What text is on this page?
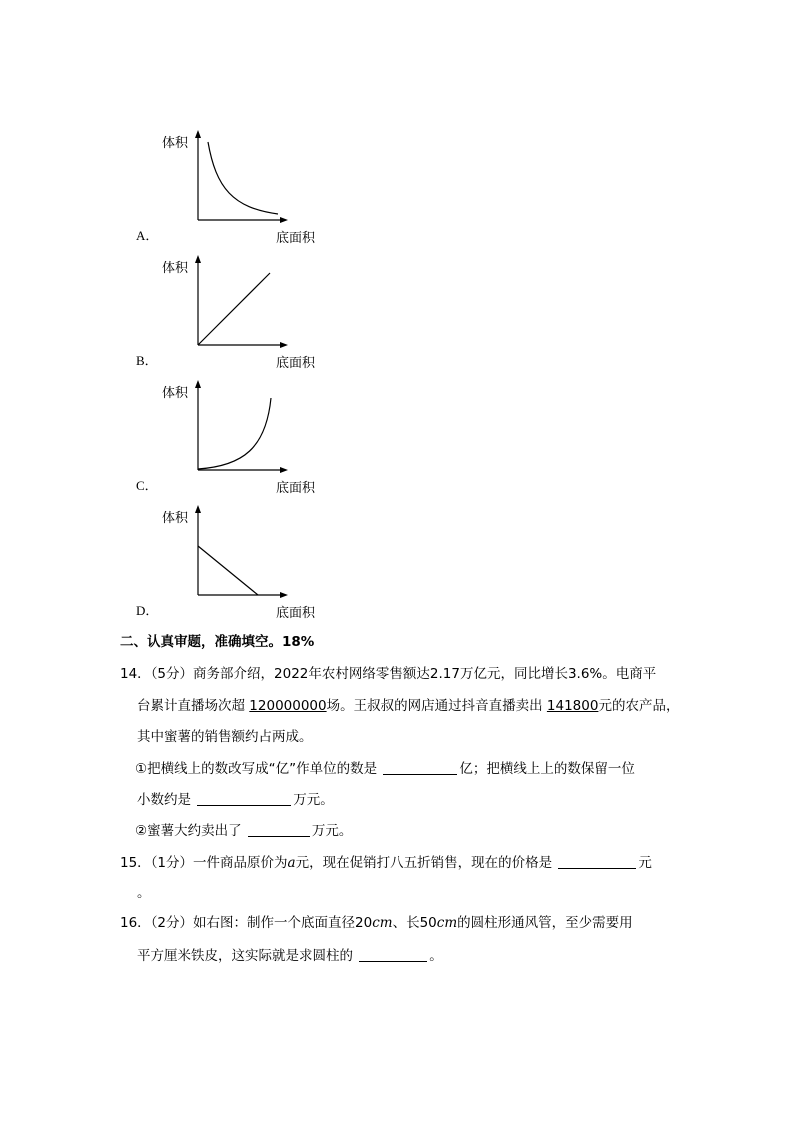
体积
底面积
A．
体积
底面积
B．
体积
底面积
C．
体积
底面积
D．
二、认真审题，准确填空。18%
14．（5分）商务部介绍，2022年农村网络零售额达2.17万亿元，同比增长3.6%。电商平
台累计直播场次超 120000000场。王叔叔的网店通过抖音直播卖出 141800元的农产品，
其中蜜薯的销售额约占两成。
①把横线上的数改写成“亿”作单位的数是	亿；把横线上上的数保留一位
小数约是	万元。
②蜜薯大约卖出了	万元。
15．（1分）一件商品原价为a元，现在促销打八五折销售，现在的价格是	元
。
16．（2分）如右图：制作一个底面直径20cm、长50cm的圆柱形通风管，至少需要用
平方厘米铁皮，这实际就是求圆柱的	。
